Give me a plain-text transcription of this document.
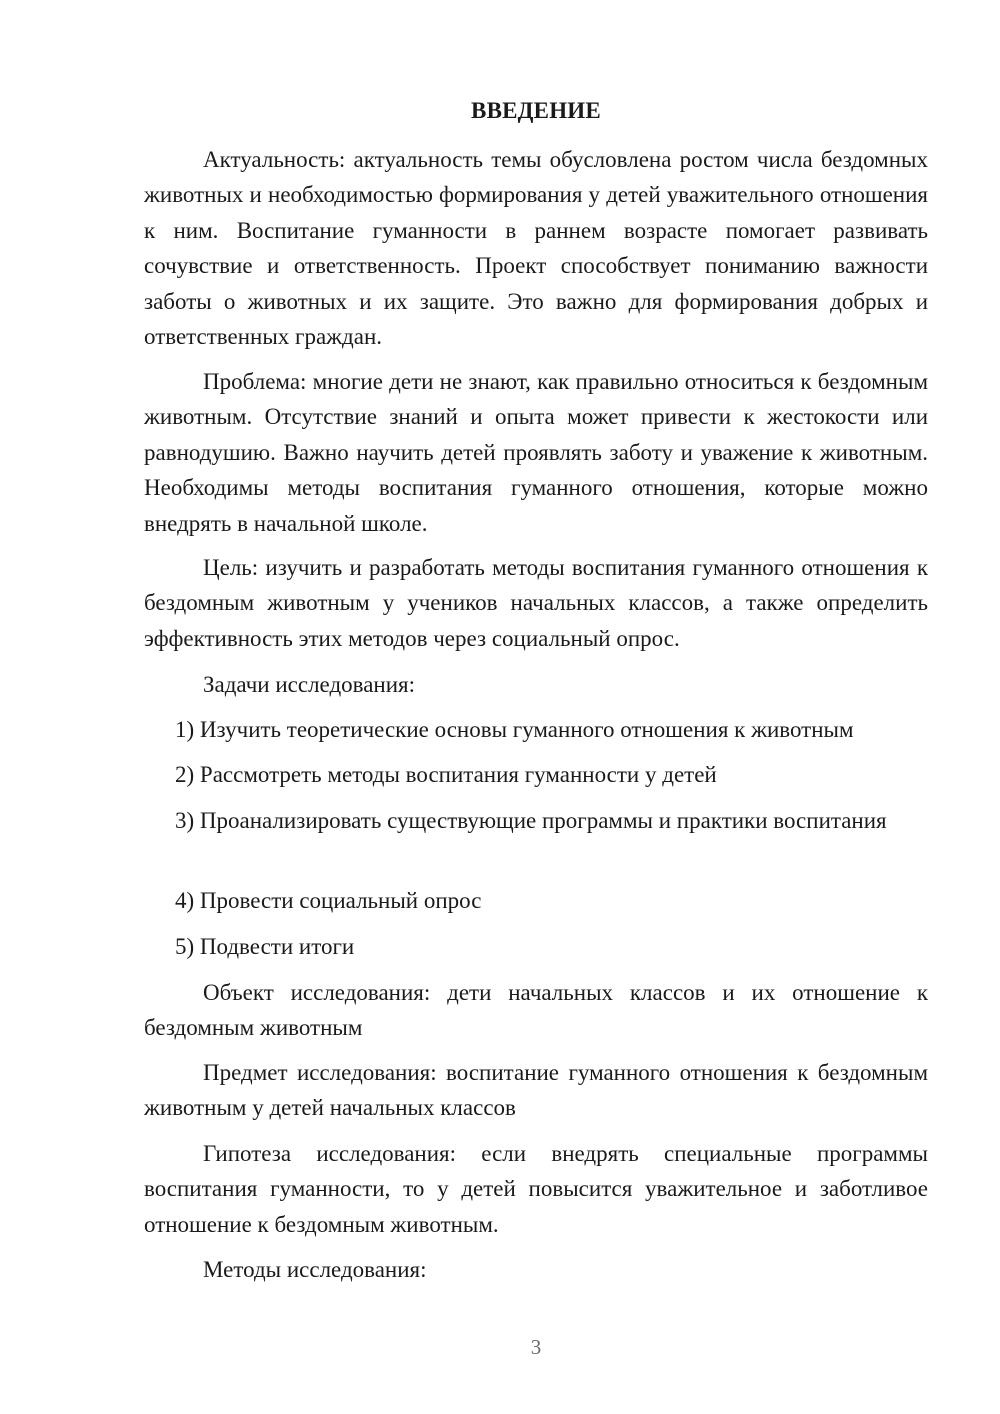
ВВЕДЕНИЕ

Актуальность: актуальность темы обусловлена ростом числа бездомных животных и необходимостью формирования у детей уважительного отношения к ним. Воспитание гуманности в раннем возрасте помогает развивать сочувствие и ответственность. Проект способствует пониманию важности заботы о животных и их защите. Это важно для формирования добрых и ответственных граждан.

Проблема: многие дети не знают, как правильно относиться к бездомным животным. Отсутствие знаний и опыта может привести к жестокости или равнодушию. Важно научить детей проявлять заботу и уважение к животным. Необходимы методы воспитания гуманного отношения, которые можно внедрять в начальной школе.

Цель: изучить и разработать методы воспитания гуманного отношения к бездомным животным у учеников начальных классов, а также определить эффективность этих методов через социальный опрос.

Задачи исследования:

1) Изучить теоретические основы гуманного отношения к животным

2) Рассмотреть методы воспитания гуманности у детей

3) Проанализировать существующие программы и практики воспитания

4) Провести социальный опрос

5) Подвести итоги

Объект исследования: дети начальных классов и их отношение к бездомным животным

Предмет исследования: воспитание гуманного отношения к бездомным животным у детей начальных классов

Гипотеза исследования: если внедрять специальные программы воспитания гуманности, то у детей повысится уважительное и заботливое отношение к бездомным животным.

Методы исследования:

3
